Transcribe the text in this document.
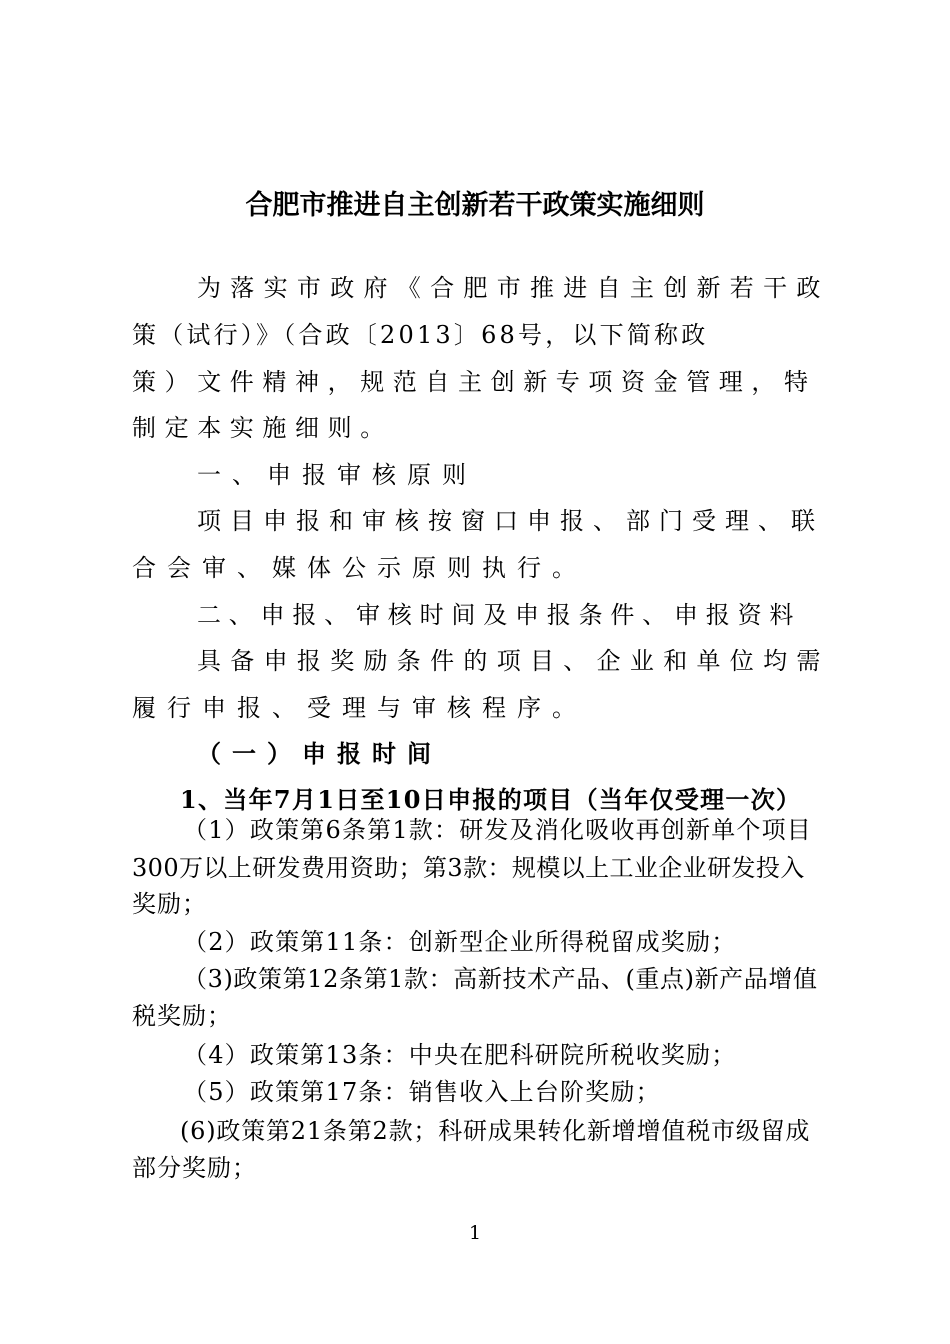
合肥市推进自主创新若干政策实施细则
为落实市政府《合肥市推进自主创新若干政
策（试行）》（合政〔2013〕68号，以下简称政
策）文件精神，规范自主创新专项资金管理，特
制定本实施细则。
一、申报审核原则
项目申报和审核按窗口申报、部门受理、联
合会审、媒体公示原则执行。
二、申报、审核时间及申报条件、申报资料
具备申报奖励条件的项目、企业和单位均需
履行申报、受理与审核程序。
（一）申报时间
1、当年7月1日至10日申报的项目（当年仅受理一次）
（1）政策第6条第1款：研发及消化吸收再创新单个项目
300万以上研发费用资助；第3款：规模以上工业企业研发投入
奖励；
（2）政策第11条：创新型企业所得税留成奖励；
（3)政策第12条第1款：高新技术产品、(重点)新产品增值
税奖励；
（4）政策第13条：中央在肥科研院所税收奖励；
（5）政策第17条：销售收入上台阶奖励；
(6)政策第21条第2款；科研成果转化新增增值税市级留成
部分奖励；
1
